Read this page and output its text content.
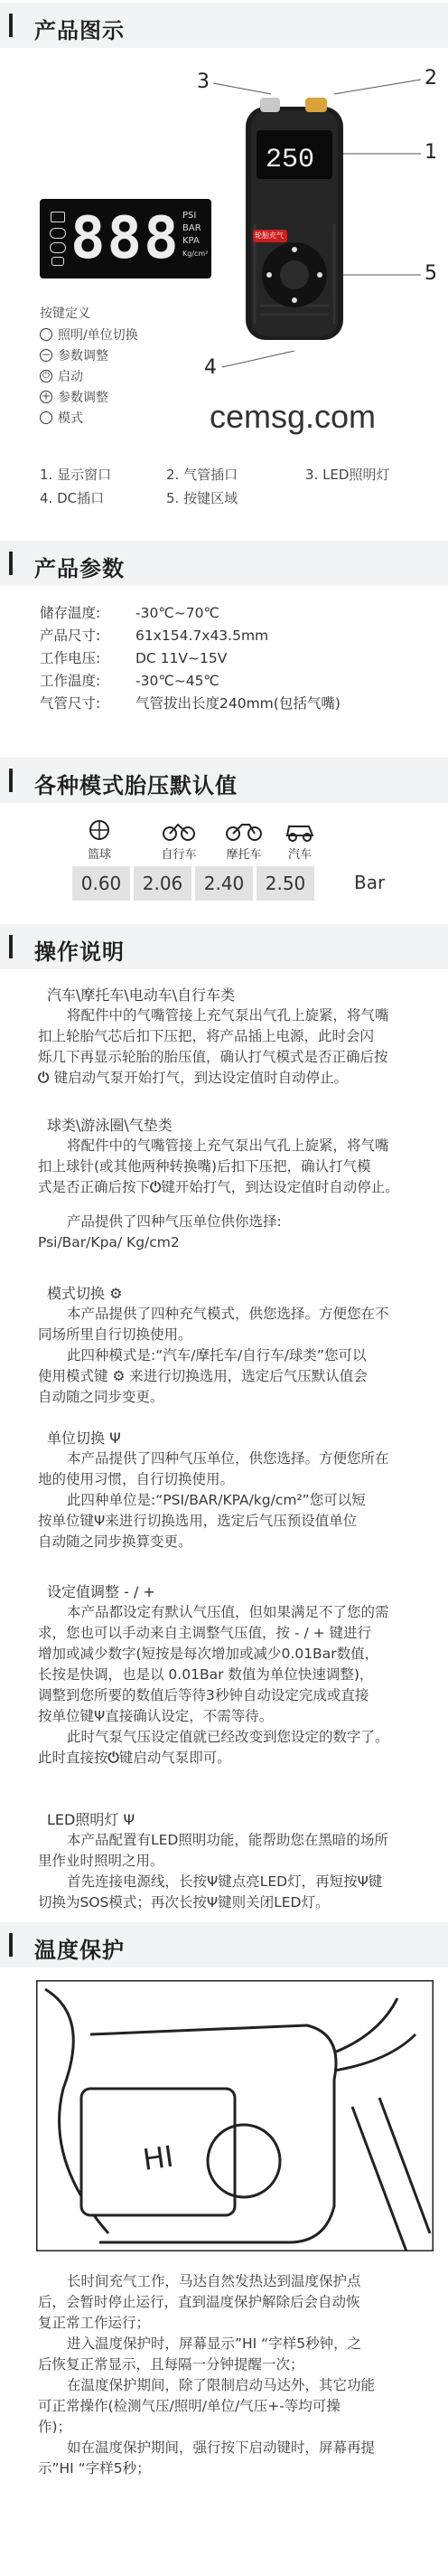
产品图示
3	2
1
5
4
250
轮胎充气
888 PSI
BAR
KPA
Kg/cm²
按键定义
照明/单位切换
− 参数调整
⏻ 启动
+ 参数调整
模式	cemsg.com
1. 显示窗口	2. 气管插口	3. LED照明灯
4. DC插口	5. 按键区域
产品参数
储存温度:	-30℃~70℃
产品尺寸:	61x154.7x43.5mm
工作电压:	DC 11V~15V
工作温度:	-30℃~45℃
气管尺寸:	气管拔出长度240mm(包括气嘴)
各种模式胎压默认值
篮球	自行车	摩托车	汽车
0.60	2.06	2.40	2.50	Bar
操作说明
汽车\摩托车\电动车\自行车类
将配件中的气嘴管接上充气泵出气孔上旋紧，将气嘴
扣上轮胎气芯后扣下压把，将产品插上电源，此时会闪
烁几下再显示轮胎的胎压值，确认打气模式是否正确后按
⏻ 键启动气泵开始打气，到达设定值时自动停止。
球类\游泳圈\气垫类
将配件中的气嘴管接上充气泵出气孔上旋紧，将气嘴
扣上球针(或其他两种转换嘴)后扣下压把，确认打气模
式是否正确后按下⏻键开始打气，到达设定值时自动停止。
产品提供了四种气压单位供你选择:
Psi/Bar/Kpa/ Kg/cm2
模式切换 ⚙
本产品提供了四种充气模式，供您选择。方便您在不
同场所里自行切换使用。
此四种模式是:“汽车/摩托车/自行车/球类”您可以
使用模式键 ⚙ 来进行切换选用，选定后气压默认值会
自动随之同步变更。
单位切换 Ψ
本产品提供了四种气压单位，供您选择。方便您所在
地的使用习惯，自行切换使用。
此四种单位是:“PSI/BAR/KPA/kg/cm²”您可以短
按单位键Ψ来进行切换选用，选定后气压预设值单位
自动随之同步换算变更。
设定值调整 - / +
本产品都设定有默认气压值，但如果满足不了您的需
求，您也可以手动来自主调整气压值，按 - / + 键进行
增加或减少数字(短按是每次增加或减少0.01Bar数值，
长按是快调，也是以 0.01Bar 数值为单位快速调整)，
调整到您所要的数值后等待3秒钟自动设定完成或直接
按单位键Ψ直接确认设定，不需等待。
此时气泵气压设定值就已经改变到您设定的数字了。
此时直接按⏻键启动气泵即可。
LED照明灯 Ψ
本产品配置有LED照明功能，能帮助您在黑暗的场所
里作业时照明之用。
首先连接电源线，长按Ψ键点亮LED灯，再短按Ψ键
切换为SOS模式；再次长按Ψ键则关闭LED灯。
温度保护
HI
长时间充气工作，马达自然发热达到温度保护点
后，会暂时停止运行，直到温度保护解除后会自动恢
复正常工作运行；
进入温度保护时，屏幕显示”HI “字样5秒钟，之
后恢复正常显示，且每隔一分钟提醒一次；
在温度保护期间，除了限制启动马达外，其它功能
可正常操作(检测气压/照明/单位/气压+-等均可操
作)；
如在温度保护期间，强行按下启动键时，屏幕再提
示”HI “字样5秒；
